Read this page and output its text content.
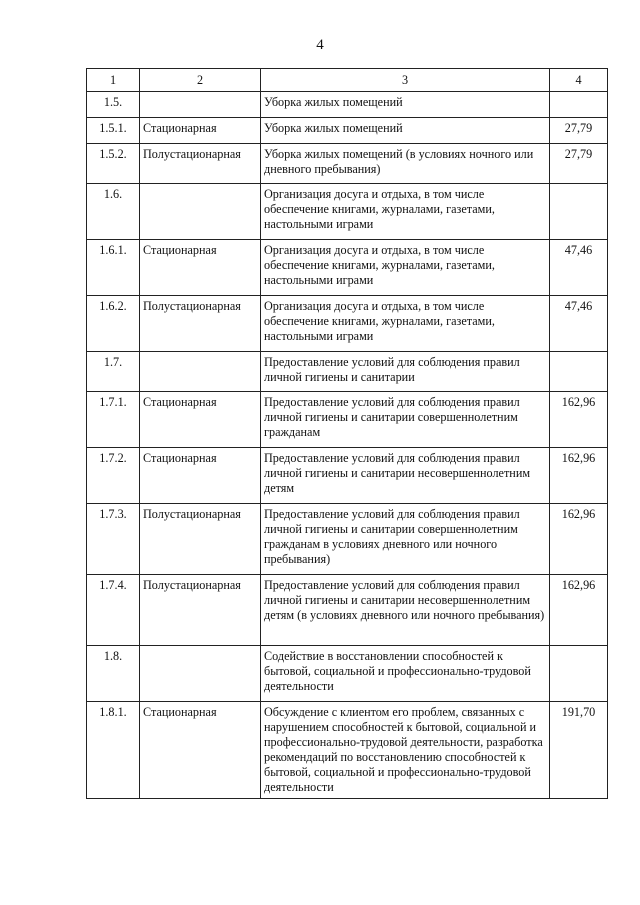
4
1	2	3	4
1.5.		Уборка жилых помещений	
1.5.1.	Стационарная	Уборка жилых помещений	27,79
1.5.2.	Полустационарная	Уборка жилых помещений (в условиях ночного или дневного пребывания)	27,79
1.6.		Организация досуга и отдыха, в том числе обеспечение книгами, журналами, газетами, настольными играми	
1.6.1.	Стационарная	Организация досуга и отдыха, в том числе обеспечение книгами, журналами, газетами, настольными играми	47,46
1.6.2.	Полустационарная	Организация досуга и отдыха, в том числе обеспечение книгами, журналами, газетами, настольными играми	47,46
1.7.		Предоставление условий для соблюдения правил личной гигиены и санитарии	
1.7.1.	Стационарная	Предоставление условий для соблюдения правил личной гигиены и санитарии совершеннолетним гражданам	162,96
1.7.2.	Стационарная	Предоставление условий для соблюдения правил личной гигиены и санитарии несовершеннолетним детям	162,96
1.7.3.	Полустационарная	Предоставление условий для соблюдения правил личной гигиены и санитарии совершеннолетним гражданам в условиях дневного или ночного пребывания)	162,96
1.7.4.	Полустационарная	Предоставление условий для соблюдения правил личной гигиены и санитарии несовершеннолетним детям (в условиях дневного или ночного пребывания)	162,96
1.8.		Содействие в восстановлении способностей к бытовой, социальной и профессионально-трудовой деятельности	
1.8.1.	Стационарная	Обсуждение с клиентом его проблем, связанных с нарушением способностей к бытовой, социальной и профессионально-трудовой деятельности, разработка рекомендаций по восстановлению способностей к бытовой, социальной и профессионально-трудовой деятельности	191,70
